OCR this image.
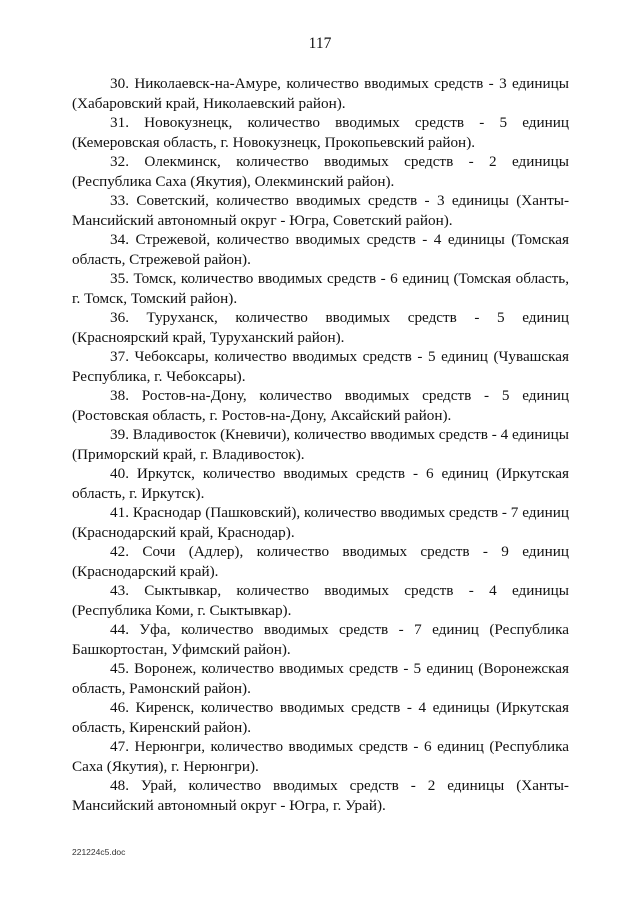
117

30. Николаевск-на-Амуре, количество вводимых средств - 3 единицы (Хабаровский край, Николаевский район).

31. Новокузнецк, количество вводимых средств - 5 единиц (Кемеровская область, г. Новокузнецк, Прокопьевский район).

32. Олекминск, количество вводимых средств - 2 единицы (Республика Саха (Якутия), Олекминский район).

33. Советский, количество вводимых средств - 3 единицы (Ханты-Мансийский автономный округ - Югра, Советский район).

34. Стрежевой, количество вводимых средств - 4 единицы (Томская область, Стрежевой район).

35. Томск, количество вводимых средств - 6 единиц (Томская область, г. Томск, Томский район).

36. Туруханск, количество вводимых средств - 5 единиц (Красноярский край, Туруханский район).

37. Чебоксары, количество вводимых средств - 5 единиц (Чувашская Республика, г. Чебоксары).

38. Ростов-на-Дону, количество вводимых средств - 5 единиц (Ростовская область, г. Ростов-на-Дону, Аксайский район).

39. Владивосток (Кневичи), количество вводимых средств - 4 единицы (Приморский край, г. Владивосток).

40. Иркутск, количество вводимых средств - 6 единиц (Иркутская область, г. Иркутск).

41. Краснодар (Пашковский), количество вводимых средств - 7 единиц (Краснодарский край, Краснодар).

42. Сочи (Адлер), количество вводимых средств - 9 единиц (Краснодарский край).

43. Сыктывкар, количество вводимых средств - 4 единицы (Республика Коми, г. Сыктывкар).

44. Уфа, количество вводимых средств - 7 единиц (Республика Башкортостан, Уфимский район).

45. Воронеж, количество вводимых средств - 5 единиц (Воронежская область, Рамонский район).

46. Киренск, количество вводимых средств - 4 единицы (Иркутская область, Киренский район).

47. Нерюнгри, количество вводимых средств - 6 единиц (Республика Саха (Якутия), г. Нерюнгри).

48. Урай, количество вводимых средств - 2 единицы (Ханты-Мансийский автономный округ - Югра, г. Урай).

221224c5.doc
